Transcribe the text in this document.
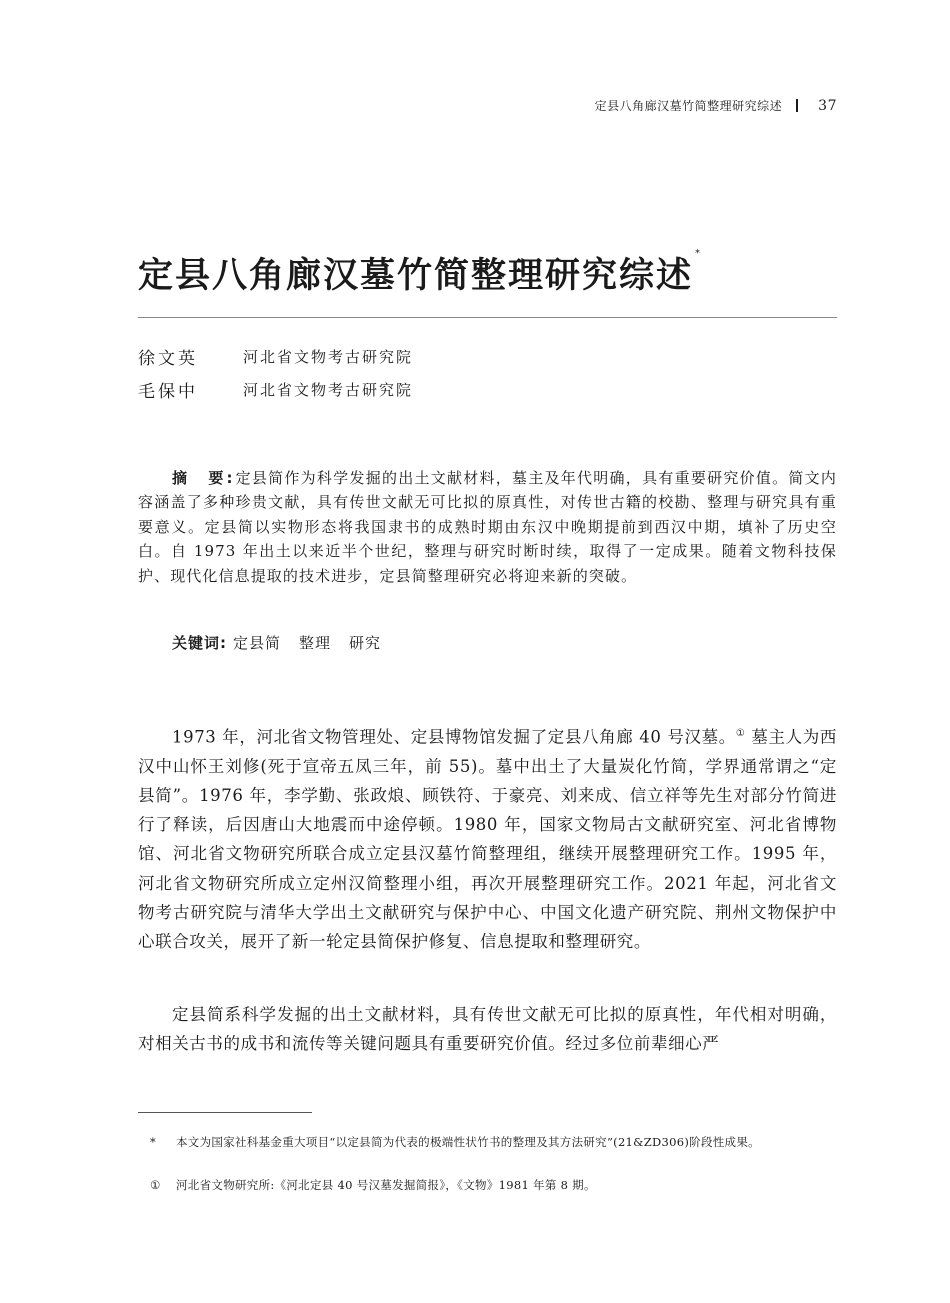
定县八角廊汉墓竹简整理研究综述	37
定县八角廊汉墓竹简整理研究综述*
徐文英	河北省文物考古研究院
毛保中	河北省文物考古研究院
摘　要:定县简作为科学发掘的出土文献材料，墓主及年代明确，具有重要研究价值。简文内容涵盖了多种珍贵文献，具有传世文献无可比拟的原真性，对传世古籍的校勘、整理与研究具有重要意义。定县简以实物形态将我国隶书的成熟时期由东汉中晚期提前到西汉中期，填补了历史空白。自 1973 年出土以来近半个世纪，整理与研究时断时续，取得了一定成果。随着文物科技保护、现代化信息提取的技术进步，定县简整理研究必将迎来新的突破。
关键词: 定县简 整理 研究
1973 年，河北省文物管理处、定县博物馆发掘了定县八角廊 40 号汉墓。① 墓主人为西汉中山怀王刘修(死于宣帝五凤三年，前 55)。墓中出土了大量炭化竹简，学界通常谓之“定县简”。1976 年，李学勤、张政烺、顾铁符、于豪亮、刘来成、信立祥等先生对部分竹简进行了释读，后因唐山大地震而中途停顿。1980 年，国家文物局古文献研究室、河北省博物馆、河北省文物研究所联合成立定县汉墓竹简整理组，继续开展整理研究工作。1995 年，河北省文物研究所成立定州汉简整理小组，再次开展整理研究工作。2021 年起，河北省文物考古研究院与清华大学出土文献研究与保护中心、中国文化遗产研究院、荆州文物保护中心联合攻关，展开了新一轮定县简保护修复、信息提取和整理研究。
定县简系科学发掘的出土文献材料，具有传世文献无可比拟的原真性，年代相对明确，对相关古书的成书和流传等关键问题具有重要研究价值。经过多位前辈细心严
* 本文为国家社科基金重大项目“以定县简为代表的极端性状竹书的整理及其方法研究”(21&ZD306)阶段性成果。
① 河北省文物研究所:《河北定县 40 号汉墓发掘简报》，《文物》1981 年第 8 期。
